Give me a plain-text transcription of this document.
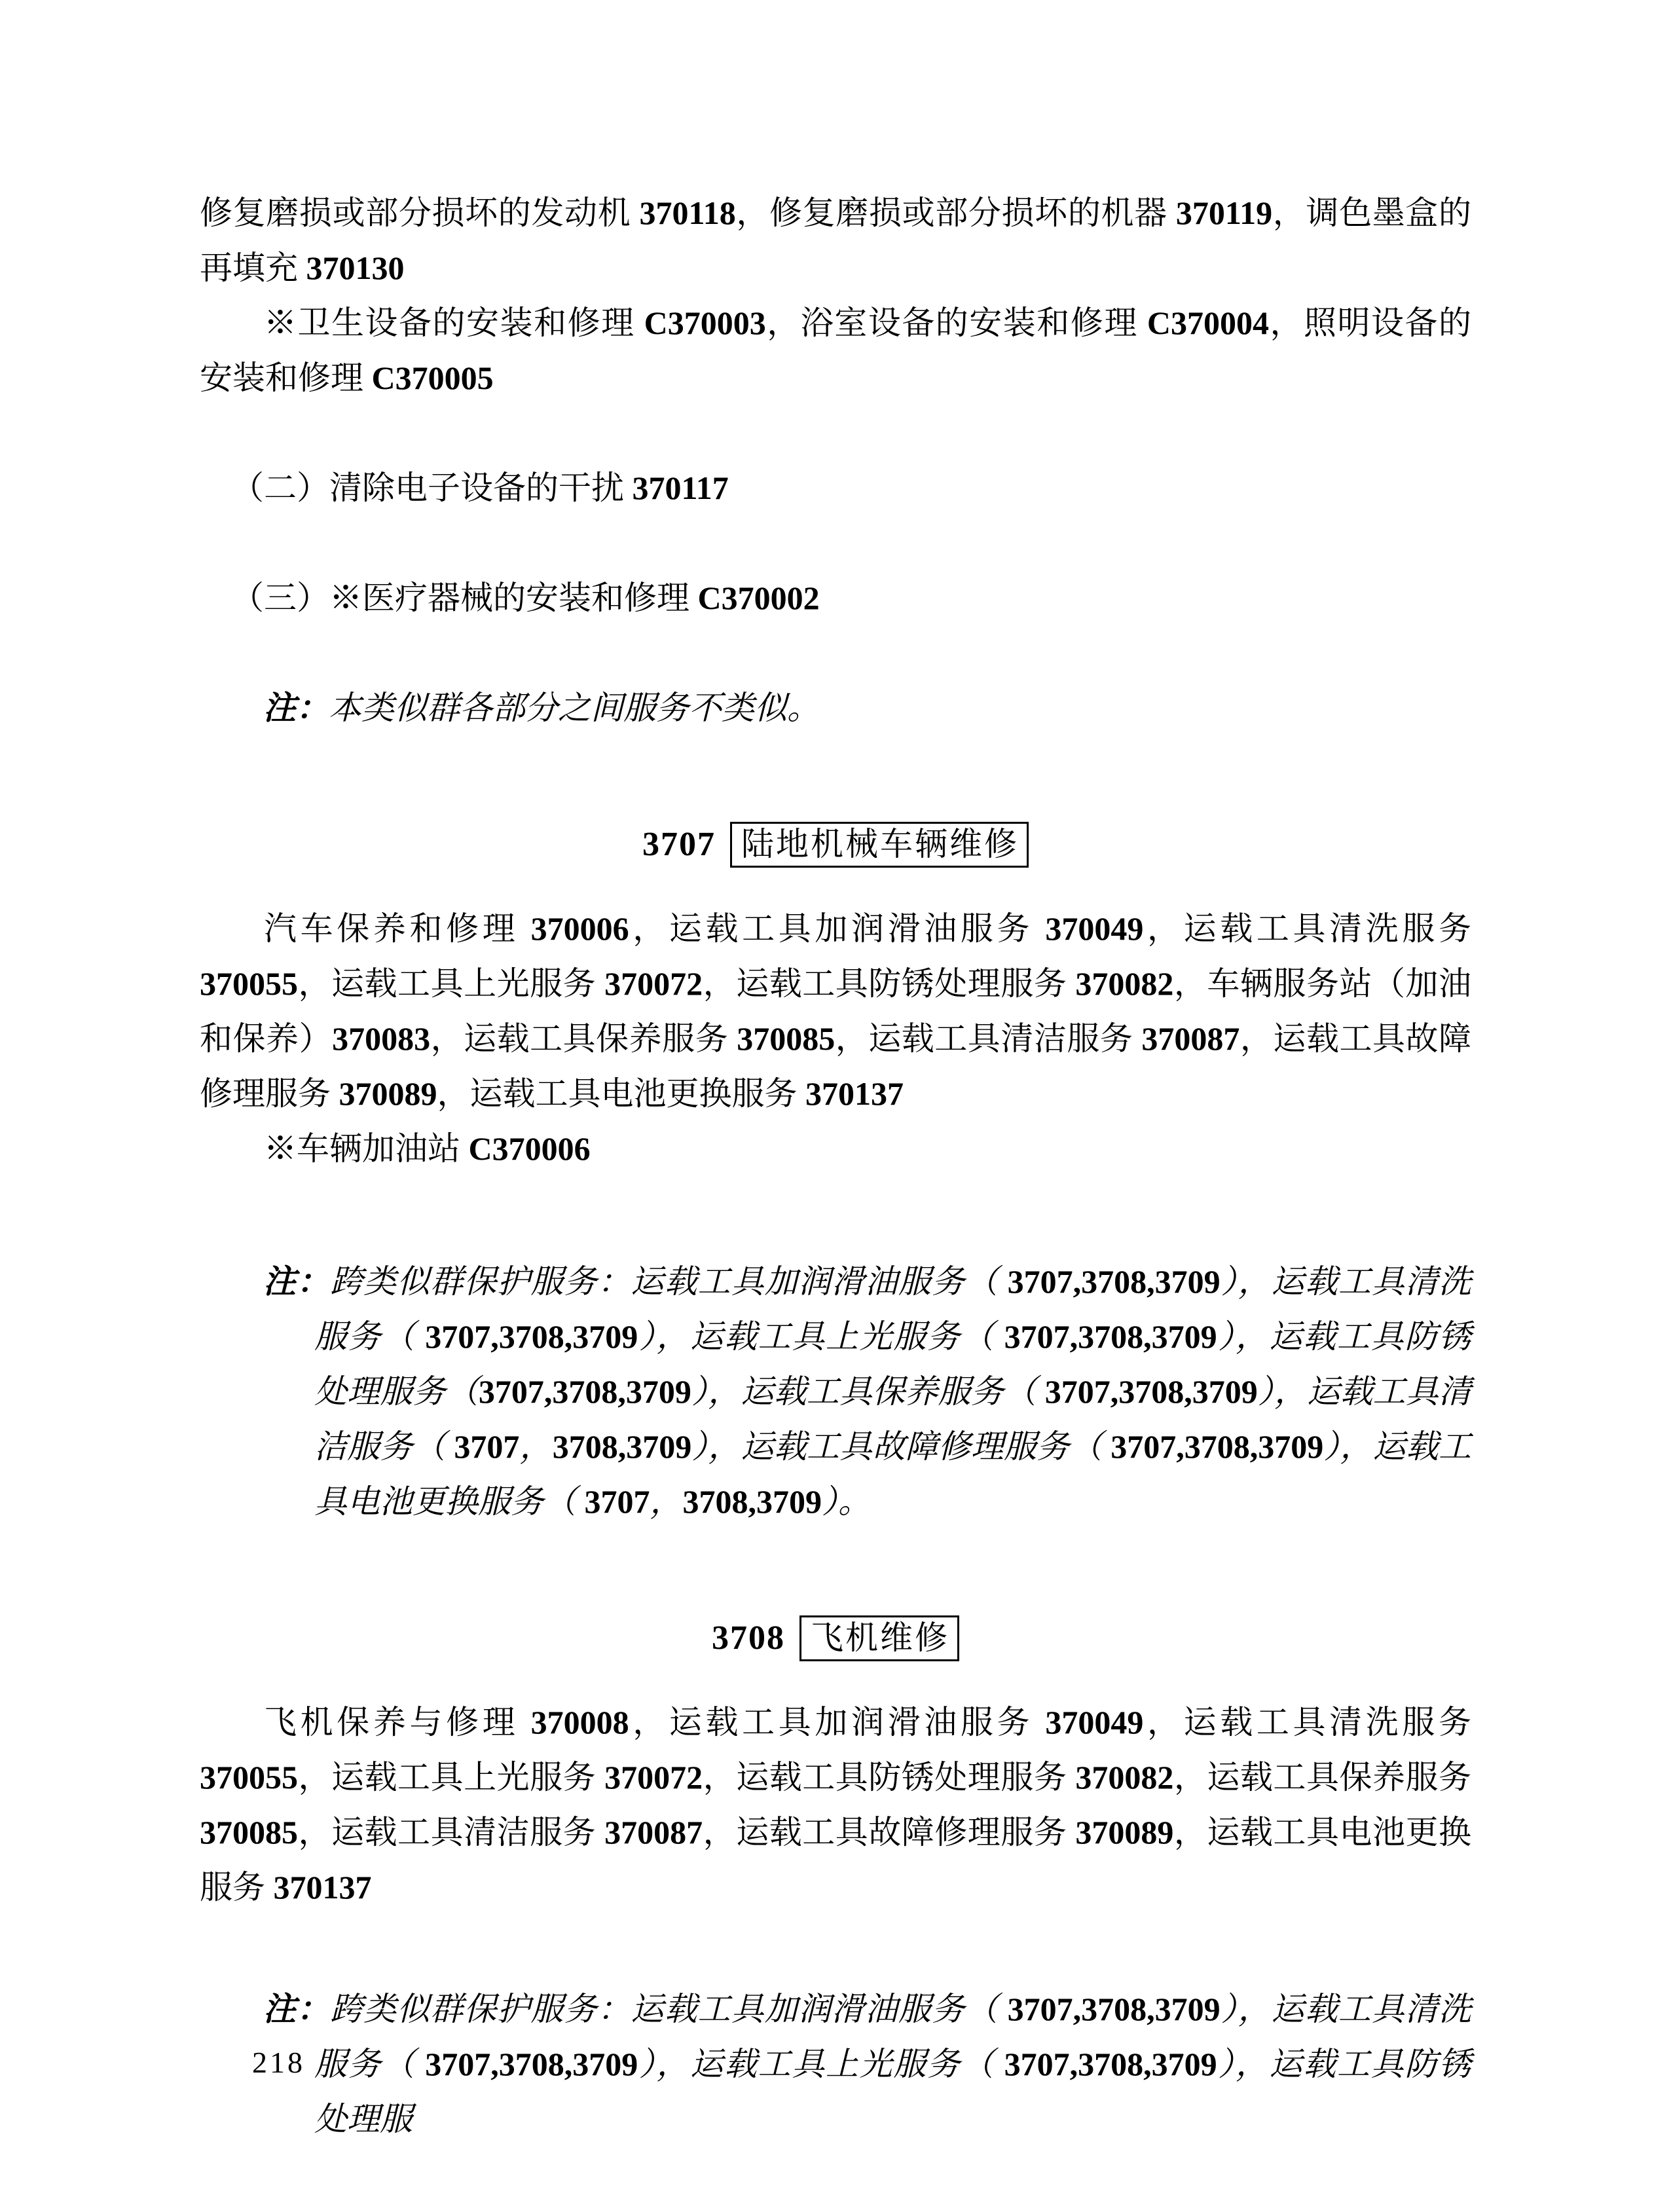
修复磨损或部分损坏的发动机 370118，修复磨损或部分损坏的机器 370119，调色墨盒的再填充 370130

※卫生设备的安装和修理 C370003，浴室设备的安装和修理 C370004，照明设备的安装和修理 C370005

（二）清除电子设备的干扰 370117

（三）※医疗器械的安装和修理 C370002

注：本类似群各部分之间服务不类似。

3707 陆地机械车辆维修

汽车保养和修理 370006，运载工具加润滑油服务 370049，运载工具清洗服务 370055，运载工具上光服务 370072，运载工具防锈处理服务 370082，车辆服务站（加油和保养）370083，运载工具保养服务 370085，运载工具清洁服务 370087，运载工具故障修理服务 370089，运载工具电池更换服务 370137

※车辆加油站 C370006

注：跨类似群保护服务：运载工具加润滑油服务（ 3707,3708,3709），运载工具清洗服务（ 3707,3708,3709），运载工具上光服务（ 3707,3708,3709），运载工具防锈处理服务（3707,3708,3709），运载工具保养服务（ 3707,3708,3709），运载工具清洁服务（ 3707，3708,3709），运载工具故障修理服务（ 3707,3708,3709），运载工具电池更换服务（ 3707，3708,3709）。

3708 飞机维修

飞机保养与修理 370008，运载工具加润滑油服务 370049，运载工具清洗服务 370055，运载工具上光服务 370072，运载工具防锈处理服务 370082，运载工具保养服务 370085，运载工具清洁服务 370087，运载工具故障修理服务 370089，运载工具电池更换服务 370137

注：跨类似群保护服务：运载工具加润滑油服务（ 3707,3708,3709），运载工具清洗服务（ 3707,3708,3709），运载工具上光服务（ 3707,3708,3709），运载工具防锈处理服

218
